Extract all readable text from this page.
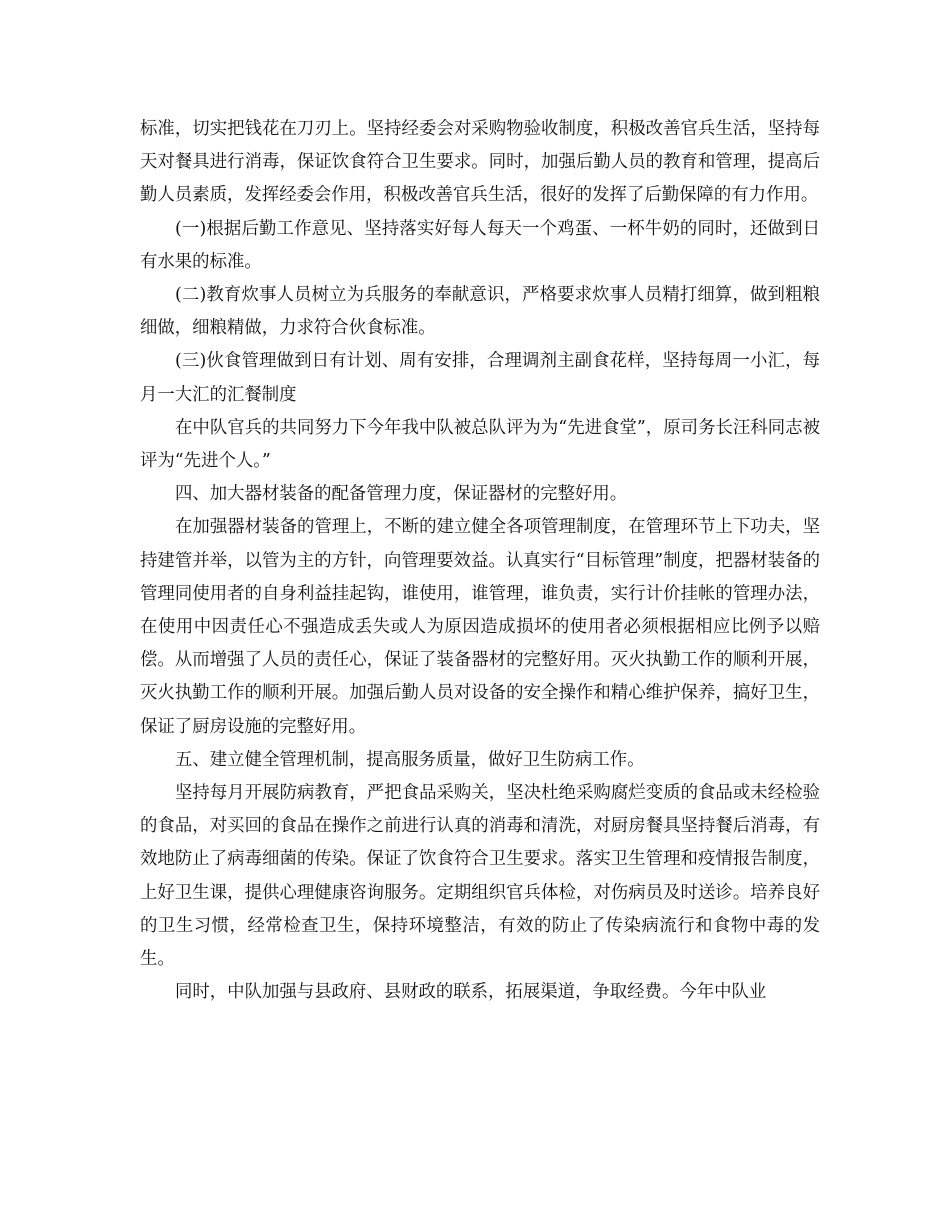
标准，切实把钱花在刀刃上。坚持经委会对采购物验收制度，积极改善官兵生活，坚持每天对餐具进行消毒，保证饮食符合卫生要求。同时，加强后勤人员的教育和管理，提高后勤人员素质，发挥经委会作用，积极改善官兵生活，很好的发挥了后勤保障的有力作用。

(一)根据后勤工作意见、坚持落实好每人每天一个鸡蛋、一杯牛奶的同时，还做到日有水果的标准。

(二)教育炊事人员树立为兵服务的奉献意识，严格要求炊事人员精打细算，做到粗粮细做，细粮精做，力求符合伙食标准。

(三)伙食管理做到日有计划、周有安排，合理调剂主副食花样，坚持每周一小汇，每月一大汇的汇餐制度

在中队官兵的共同努力下今年我中队被总队评为为“先进食堂”，原司务长汪科同志被评为“先进个人。”

四、加大器材装备的配备管理力度，保证器材的完整好用。

在加强器材装备的管理上，不断的建立健全各项管理制度，在管理环节上下功夫，坚持建管并举，以管为主的方针，向管理要效益。认真实行“目标管理”制度，把器材装备的管理同使用者的自身利益挂起钩，谁使用，谁管理，谁负责，实行计价挂帐的管理办法，在使用中因责任心不强造成丢失或人为原因造成损坏的使用者必须根据相应比例予以赔偿。从而增强了人员的责任心，保证了装备器材的完整好用。灭火执勤工作的顺利开展，灭火执勤工作的顺利开展。加强后勤人员对设备的安全操作和精心维护保养，搞好卫生，保证了厨房设施的完整好用。

五、建立健全管理机制，提高服务质量，做好卫生防病工作。

坚持每月开展防病教育，严把食品采购关，坚决杜绝采购腐烂变质的食品或未经检验的食品，对买回的食品在操作之前进行认真的消毒和清洗，对厨房餐具坚持餐后消毒，有效地防止了病毒细菌的传染。保证了饮食符合卫生要求。落实卫生管理和疫情报告制度，上好卫生课，提供心理健康咨询服务。定期组织官兵体检，对伤病员及时送诊。培养良好的卫生习惯，经常检查卫生，保持环境整洁，有效的防止了传染病流行和食物中毒的发生。

同时，中队加强与县政府、县财政的联系，拓展渠道，争取经费。今年中队业
